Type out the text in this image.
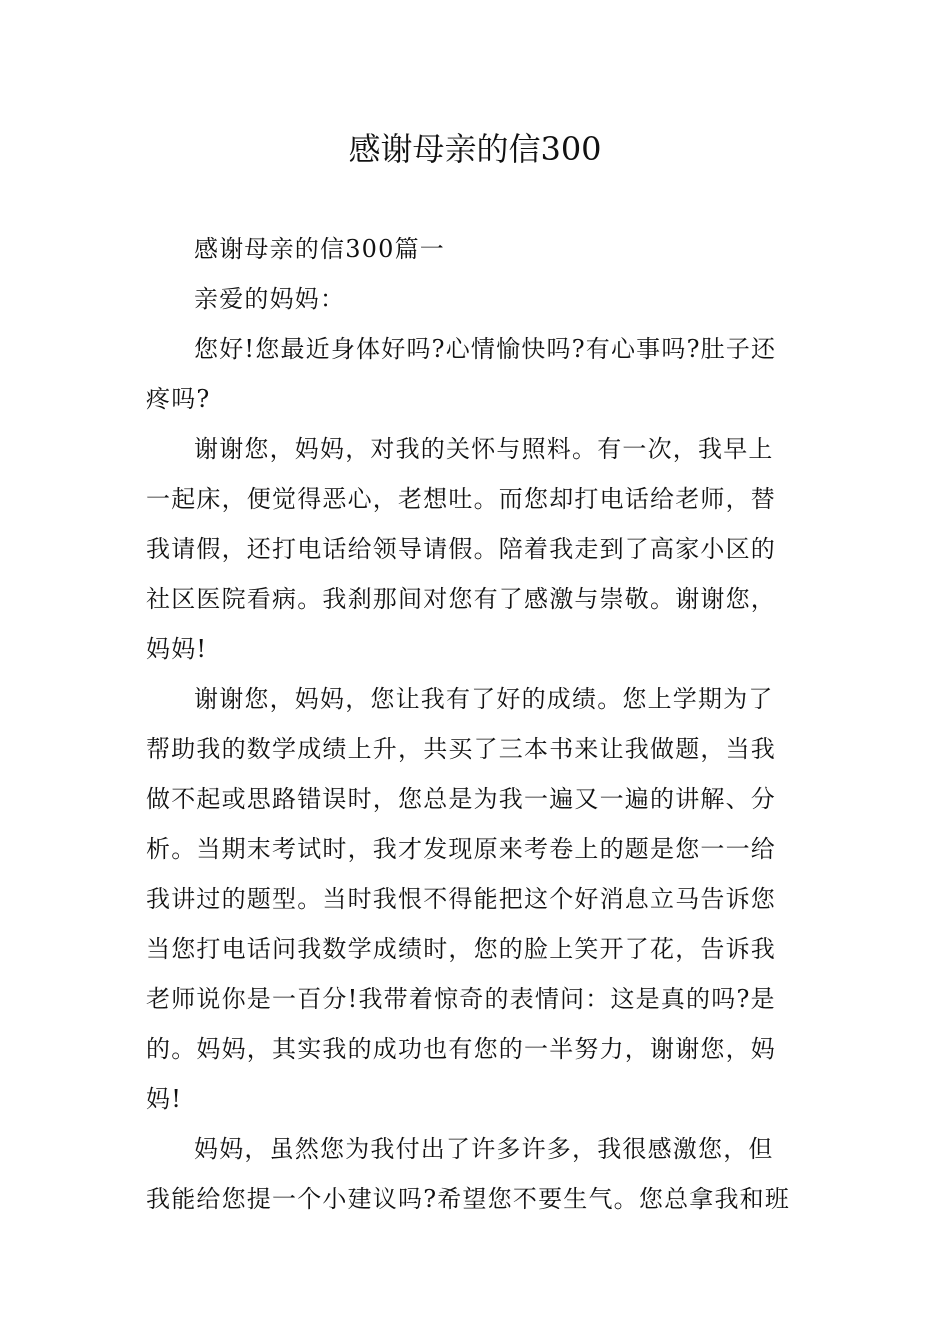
感谢母亲的信300

感谢母亲的信300篇一

亲爱的妈妈：

您好!您最近身体好吗?心情愉快吗?有心事吗?肚子还
疼吗?

谢谢您，妈妈，对我的关怀与照料。有一次，我早上
一起床，便觉得恶心，老想吐。而您却打电话给老师，替
我请假，还打电话给领导请假。陪着我走到了高家小区的
社区医院看病。我刹那间对您有了感激与崇敬。谢谢您，
妈妈!

谢谢您，妈妈，您让我有了好的成绩。您上学期为了
帮助我的数学成绩上升，共买了三本书来让我做题，当我
做不起或思路错误时，您总是为我一遍又一遍的讲解、分
析。当期末考试时，我才发现原来考卷上的题是您一一给
我讲过的题型。当时我恨不得能把这个好消息立马告诉您
当您打电话问我数学成绩时，您的脸上笑开了花，告诉我
老师说你是一百分!我带着惊奇的表情问：这是真的吗?是
的。妈妈，其实我的成功也有您的一半努力，谢谢您，妈
妈!

妈妈，虽然您为我付出了许多许多，我很感激您，但
我能给您提一个小建议吗?希望您不要生气。您总拿我和班
